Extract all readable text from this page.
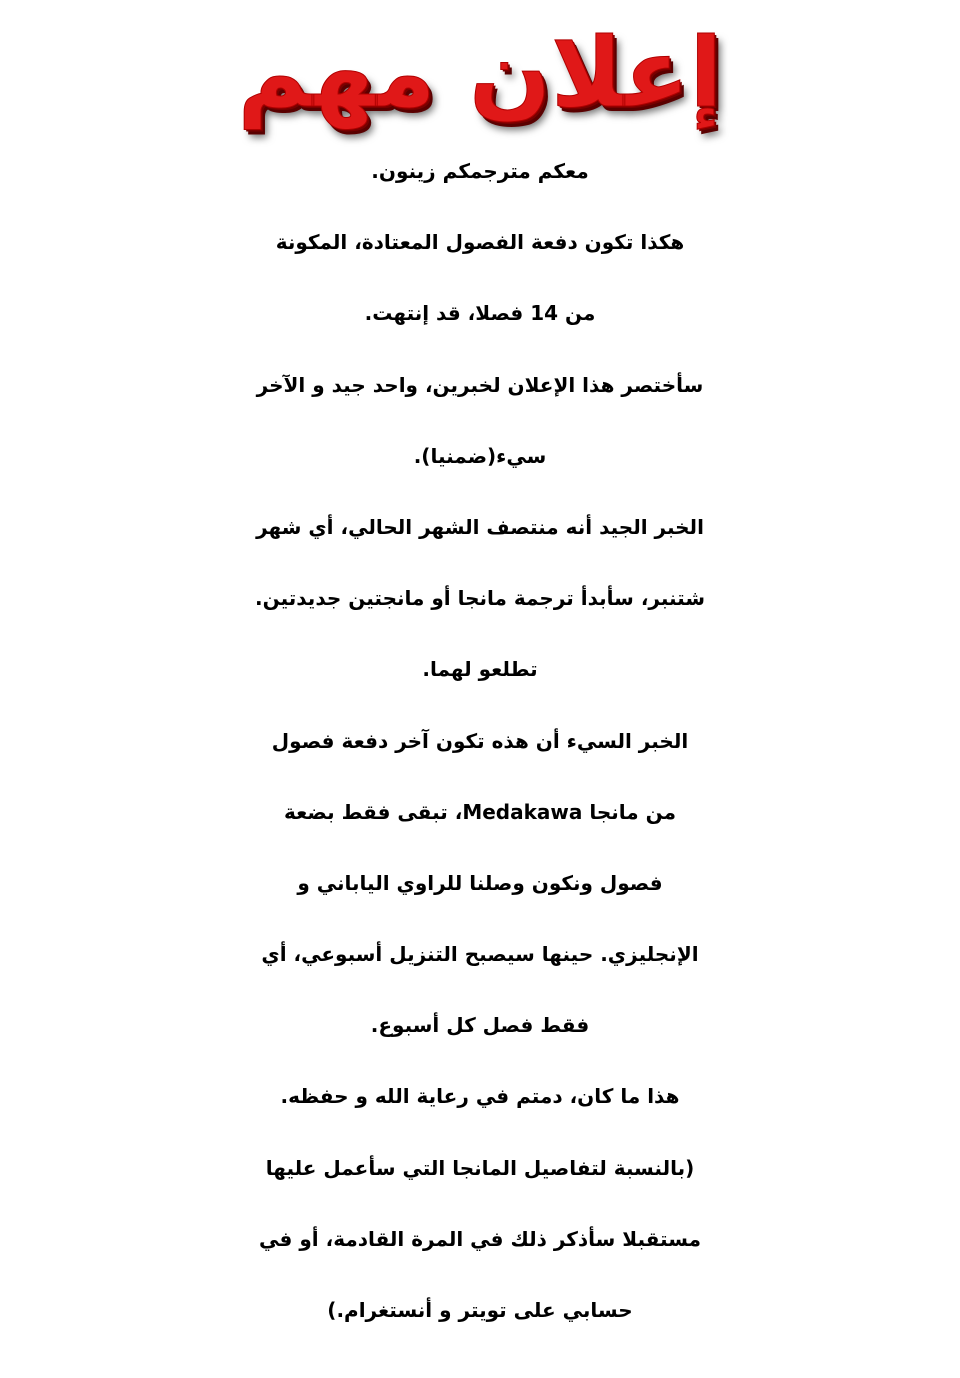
إعلان مهم
معكم مترجمكم زينون.
هكذا تكون دفعة الفصول المعتادة، المكونة
من 14 فصلا، قد إنتهت.
سأختصر هذا الإعلان لخبرين، واحد جيد و الآخر
سيء(ضمنيا).
الخبر الجيد أنه منتصف الشهر الحالي، أي شهر
شتنبر، سأبدأ ترجمة مانجا أو مانجتين جديدتين.
تطلعو لهما.
الخبر السيء أن هذه تكون آخر دفعة فصول
من مانجا Medakawa، تبقى فقط بضعة
فصول ونكون وصلنا للراوي الياباني و
الإنجليزي. حينها سيصبح التنزيل أسبوعي، أي
فقط فصل كل أسبوع.
هذا ما كان، دمتم في رعاية الله و حفظه.
(بالنسبة لتفاصيل المانجا التي سأعمل عليها
مستقبلا سأذكر ذلك في المرة القادمة، أو في
حسابي على تويتر و أنستغرام.)
